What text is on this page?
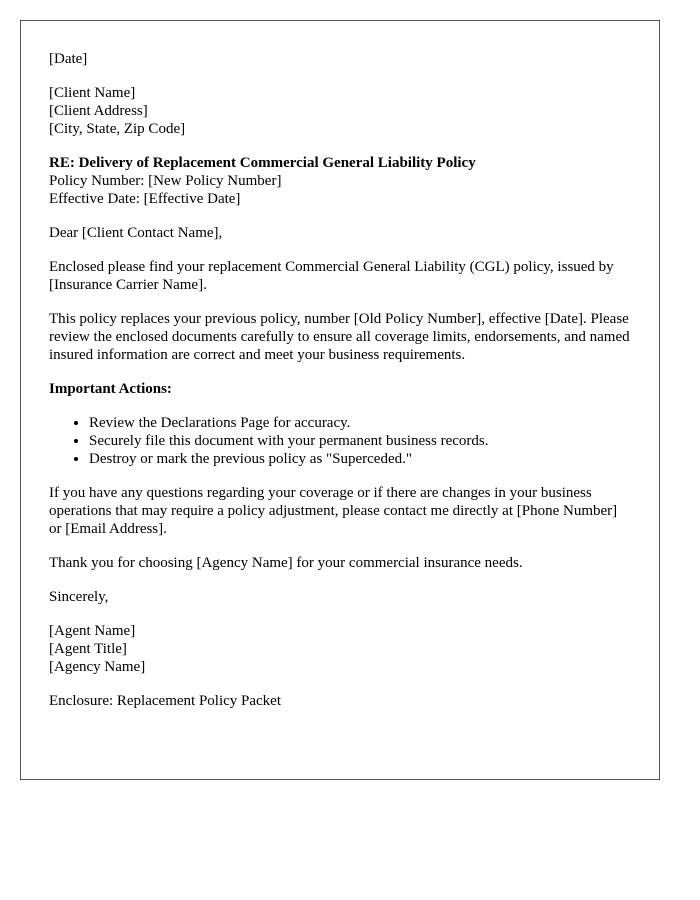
[Date]
[Client Name]
[Client Address]
[City, State, Zip Code]
RE: Delivery of Replacement Commercial General Liability Policy
Policy Number: [New Policy Number]
Effective Date: [Effective Date]

Dear [Client Contact Name],

Enclosed please find your replacement Commercial General Liability (CGL) policy, issued by [Insurance Carrier Name].

This policy replaces your previous policy, number [Old Policy Number], effective [Date]. Please review the enclosed documents carefully to ensure all coverage limits, endorsements, and named insured information are correct and meet your business requirements.

Important Actions:

• Review the Declarations Page for accuracy.
• Securely file this document with your permanent business records.
• Destroy or mark the previous policy as "Superceded."

If you have any questions regarding your coverage or if there are changes in your business operations that may require a policy adjustment, please contact me directly at [Phone Number] or [Email Address].

Thank you for choosing [Agency Name] for your commercial insurance needs.

Sincerely,

[Agent Name]
[Agent Title]
[Agency Name]

Enclosure: Replacement Policy Packet
